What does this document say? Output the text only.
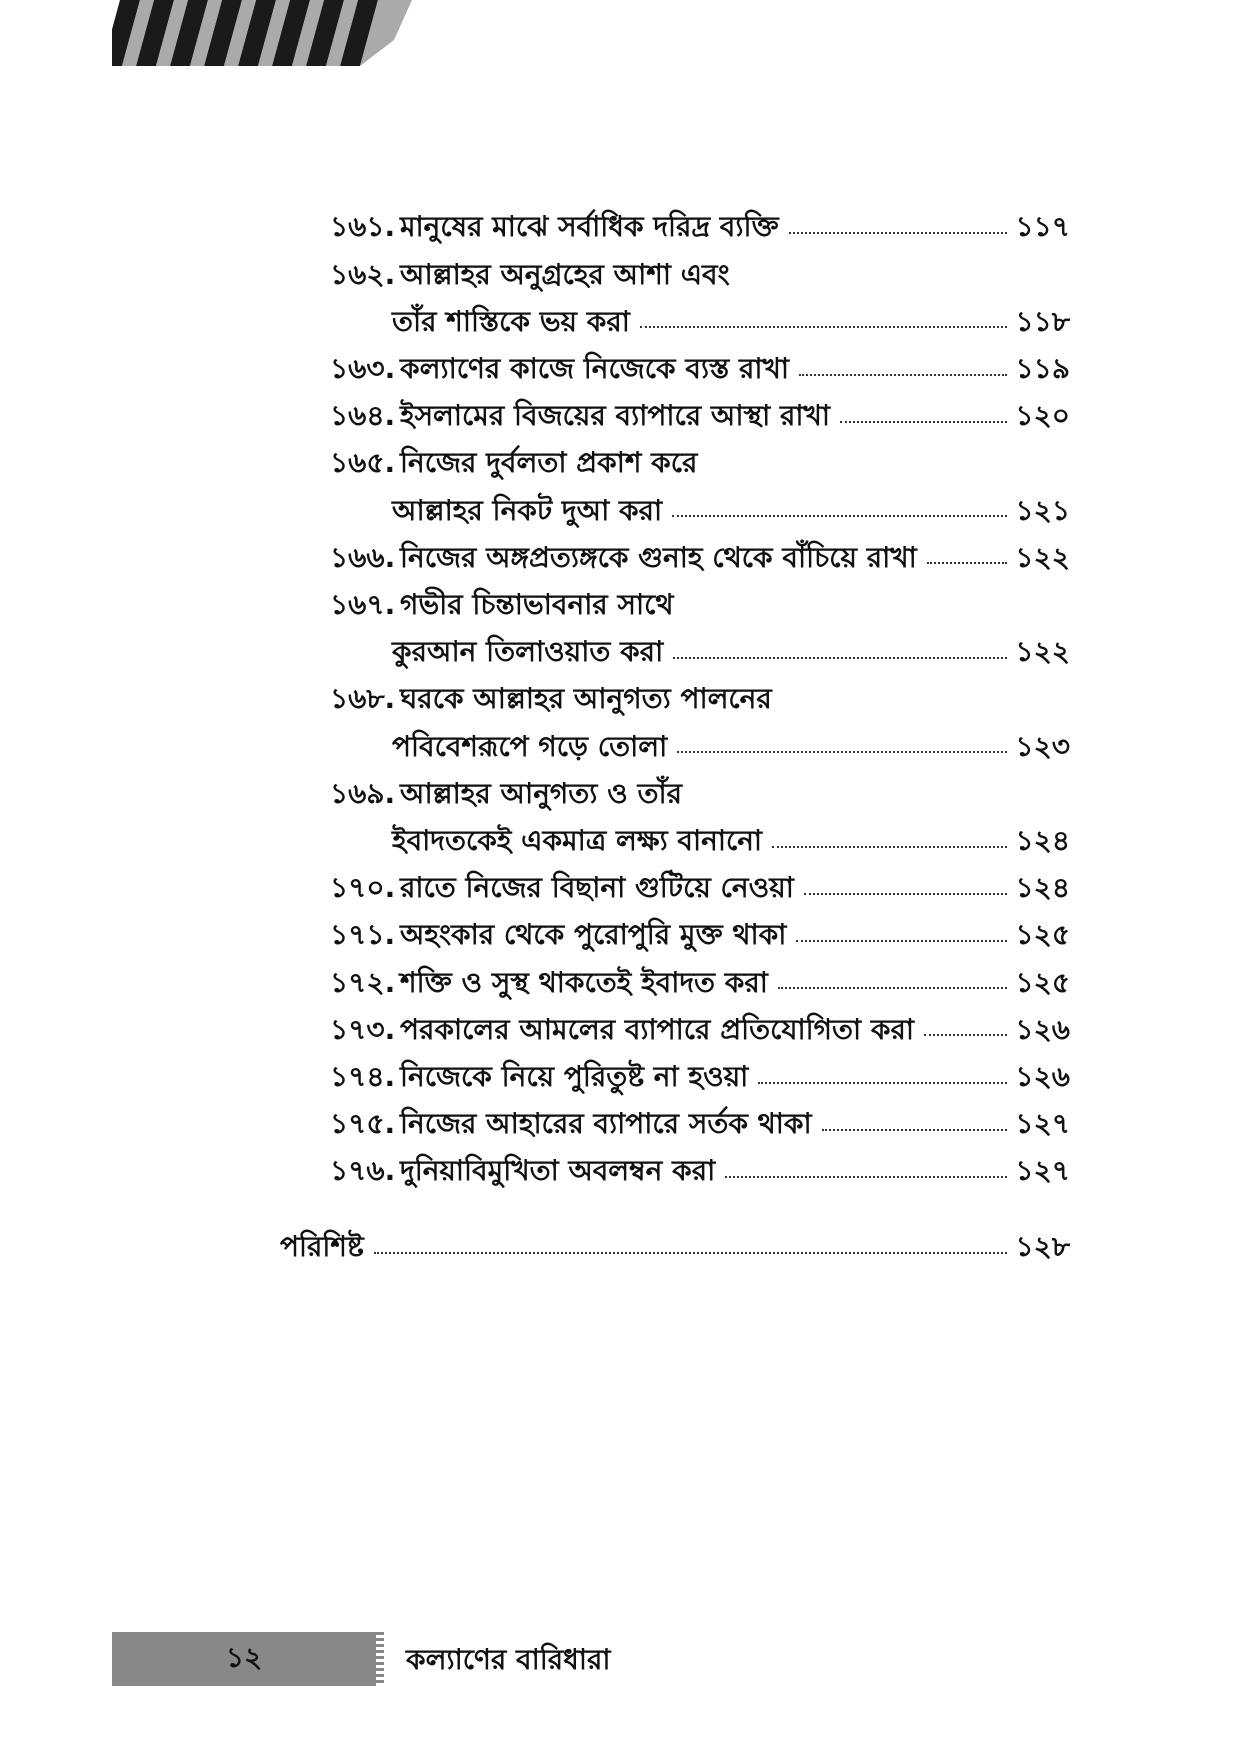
১৬১. মানুষের মাঝে সর্বাধিক দরিদ্র ব্যক্তি	১১৭
১৬২. আল্লাহর অনুগ্রহের আশা এবং
তাঁর শাস্তিকে ভয় করা	১১৮
১৬৩. কল্যাণের কাজে নিজেকে ব্যস্ত রাখা	১১৯
১৬৪. ইসলামের বিজয়ের ব্যাপারে আস্থা রাখা	১২০
১৬৫. নিজের দুর্বলতা প্রকাশ করে
আল্লাহর নিকট দুআ করা	১২১
১৬৬. নিজের অঙ্গপ্রত্যঙ্গকে গুনাহ থেকে বাঁচিয়ে রাখা	১২২
১৬৭. গভীর চিন্তাভাবনার সাথে
কুরআন তিলাওয়াত করা	১২২
১৬৮. ঘরকে আল্লাহর আনুগত্য পালনের
পবিবেশরূপে গড়ে তোলা	১২৩
১৬৯. আল্লাহর আনুগত্য ও তাঁর
ইবাদতকেই একমাত্র লক্ষ্য বানানো	১২৪
১৭০. রাতে নিজের বিছানা গুটিয়ে নেওয়া	১২৪
১৭১. অহংকার থেকে পুরোপুরি মুক্ত থাকা	১২৫
১৭২. শক্তি ও সুস্থ থাকতেই ইবাদত করা	১২৫
১৭৩. পরকালের আমলের ব্যাপারে প্রতিযোগিতা করা	১২৬
১৭৪. নিজেকে নিয়ে পুরিতুষ্ট না হওয়া	১২৬
১৭৫. নিজের আহারের ব্যাপারে সর্তক থাকা	১২৭
১৭৬. দুনিয়াবিমুখিতা অবলম্বন করা	১২৭
পরিশিষ্ট	১২৮
১২	কল্যাণের বারিধারা
